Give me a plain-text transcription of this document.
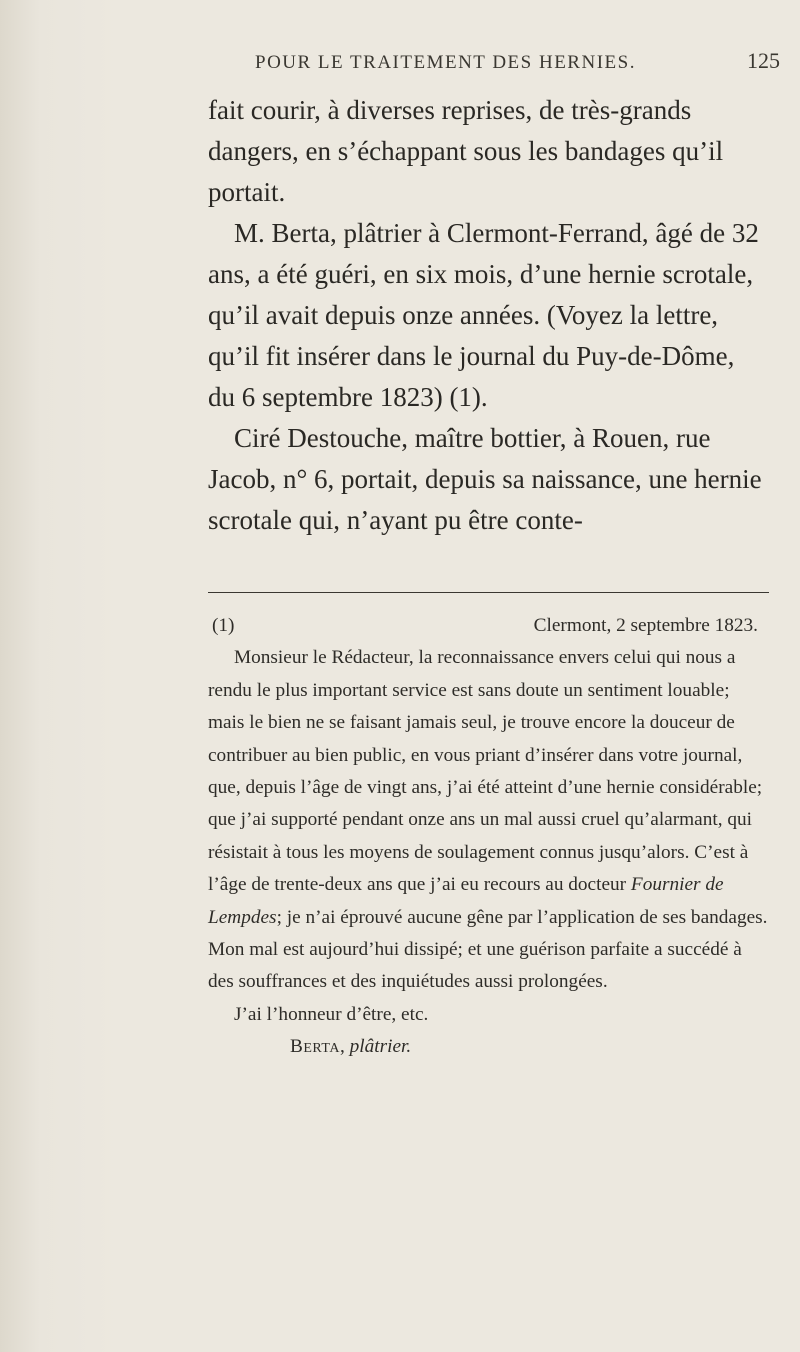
POUR LE TRAITEMENT DES HERNIES.	125

fait courir, à diverses reprises, de très-grands dangers, en s’échappant sous les bandages qu’il portait.

M. Berta, plâtrier à Clermont-Ferrand, âgé de 32 ans, a été guéri, en six mois, d’une hernie scrotale, qu’il avait depuis onze années. (Voyez la lettre, qu’il fit insérer dans le journal du Puy-de-Dôme, du 6 septembre 1823) (1).

Ciré Destouche, maître bottier, à Rouen, rue Jacob, n° 6, portait, depuis sa naissance, une hernie scrotale qui, n’ayant pu être conte-

(1)	Clermont, 2 septembre 1823.

Monsieur le Rédacteur, la reconnaissance envers celui qui nous a rendu le plus important service est sans doute un sentiment louable; mais le bien ne se faisant jamais seul, je trouve encore la douceur de contribuer au bien public, en vous priant d’insérer dans votre journal, que, depuis l’âge de vingt ans, j’ai été atteint d’une hernie considérable; que j’ai supporté pendant onze ans un mal aussi cruel qu’alarmant, qui résistait à tous les moyens de soulagement connus jusqu’alors. C’est à l’âge de trente-deux ans que j’ai eu recours au docteur Fournier de Lempdes; je n’ai éprouvé aucune gêne par l’application de ses bandages. Mon mal est aujourd’hui dissipé; et une guérison parfaite a succédé à des souffrances et des inquiétudes aussi prolongées.

J’ai l’honneur d’être, etc.

Berta, plâtrier.
